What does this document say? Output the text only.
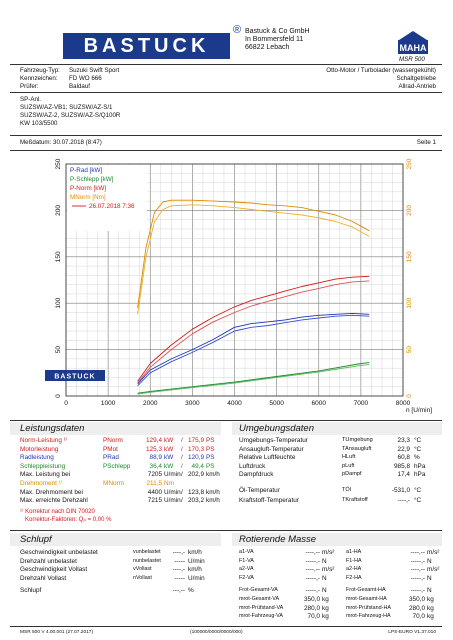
BASTUCK
® Bastuck & Co GmbH
In Bommersfeld 11
66822 Lebach	MAHA
MSR 500
Fahrzeug-Typ: Suzuki Swift Sport
Kennzeichen: FD WO 666
Prüfer:	Baldauf
Otto-Motor / Turbolader (wassergekühlt)
Schaltgetriebe
Allrad-Antrieb
SP-Anl.
SUZSW/AZ-VB1; SUZSW/AZ-S/1
SUZSW/AZ-2, SUZSW/AZ-S/Q100R
KW 103/5500
Meßdatum: 30.07.2018 (8:47)	Seite 1
0	1000	2000	3000	4000	5000	6000	7000	8000
0
50
100
150
200
250
0
50
100
150
200
250
P-Rad [kW]
P-Schlepp [kW]
P-Norm [kW]
MNorm [Nm]
26.07.2018 7:36
BASTUCK
n [U/min]
Leistungsdaten
Norm-Leistung ¹⁾	PNorm	129,4 kW / 175,9 PS
Motorleistung	PMot	125,3 kW / 170,3 PS
Radleistung	PRad	88,9 kW / 120,9 PS
Schleppleistung	PSchlepp	36,4 kW /	49,4 PS
Max. Leistung bei	7205 U/min / 202,9 km/h
Drehmoment ¹⁾	MNorm	211,5 Nm
Max. Drehmoment bei	4400 U/min / 123,8 km/h
Max. erreichte Drehzahl	7215 U/min / 203,2 km/h
¹⁾ Korrektur nach DIN 70020
Korrektur-Faktoren: Qₚ = 0,00 %
Umgebungsdaten
Umgebungs-Temperatur	TUmgebung	23,3 °C
Ansaugluft-Temperatur	TAnsaugluft	22,9 °C
Relative Luftfeuchte	HLuft	60,8 %
Luftdruck	pLuft	985,8 hPa
Dampfdruck	pDampf	17,4 hPa
Öl-Temperatur	TÖl	-531,0 °C
Kraftstoff-Temperatur	TKraftstoff	----,- °C
Schlupf
Geschwindigkeit unbelastet	vunbelastet	----,- km/h
Drehzahl unbelastet	nunbelastet	----- U/min
Geschwindigkeit Vollast	vVollast	----,- km/h
Drehzahl Vollast	nVollast	----- U/min
Schlupf	---,-- %
Rotierende Masse
a1-VA	----,-- m/s²
F1-VA	-----,- N
a2-VA	----,-- m/s²
F2-VA	-----,- N
Frot-Gesamt-VA	-----,- N
mrot-Gesamt-VA	350,0 kg
mrot-Prüfstand-VA	280,0 kg
mrot-Fahrzeug-VA	70,0 kg
a1-HA	----,-- m/s²
F1-HA	-----,- N
a2-HA	----,-- m/s²
F2-HA	-----,- N
Frot-Gesamt-HA	-----,- N
mrot-Gesamt-HA	350,0 kg
mrot-Prüfstand-HA	280,0 kg
mrot-Fahrzeug-HA	70,0 kg
MSR 500 V 4.00.001 (27.07.2017)	(100000/0000/0000/000)	LPS-EURO V1.37.010
